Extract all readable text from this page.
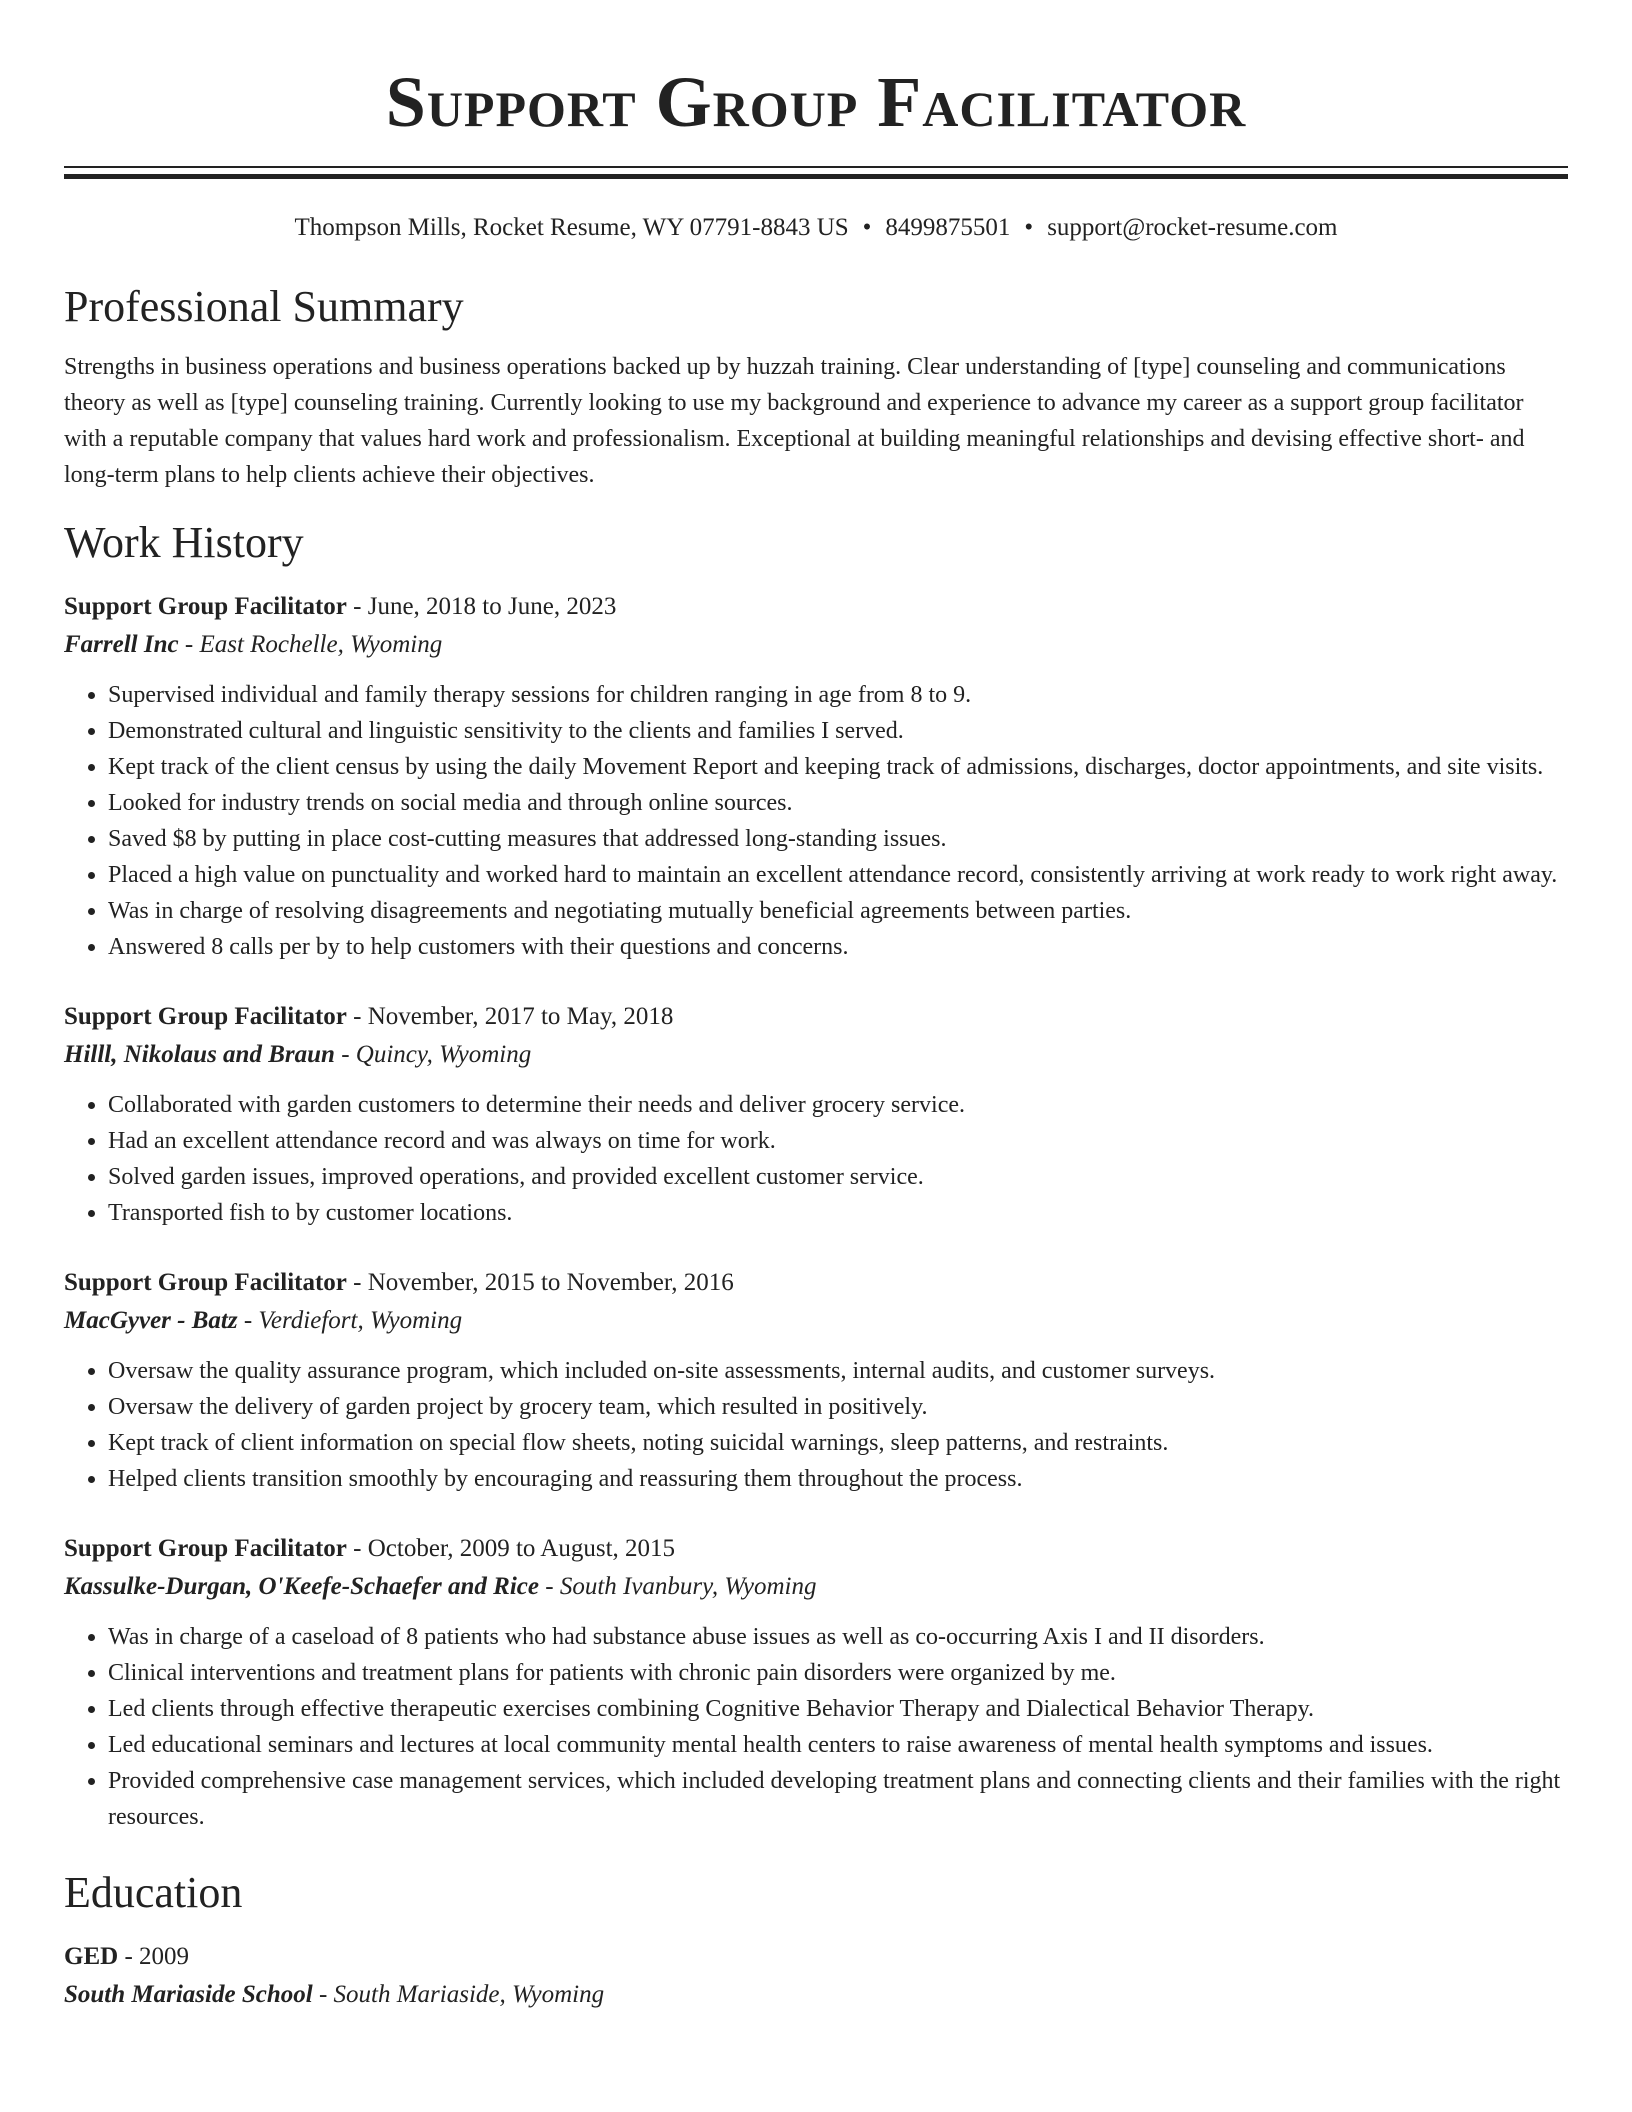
Support Group Facilitator
Thompson Mills, Rocket Resume, WY 07791-8843 US • 8499875501 • support@rocket-resume.com
Professional Summary
Strengths in business operations and business operations backed up by huzzah training. Clear understanding of [type] counseling and communications theory as well as [type] counseling training. Currently looking to use my background and experience to advance my career as a support group facilitator with a reputable company that values hard work and professionalism. Exceptional at building meaningful relationships and devising effective short- and long-term plans to help clients achieve their objectives.
Work History
Support Group Facilitator - June, 2018 to June, 2023
Farrell Inc - East Rochelle, Wyoming
• Supervised individual and family therapy sessions for children ranging in age from 8 to 9.
• Demonstrated cultural and linguistic sensitivity to the clients and families I served.
• Kept track of the client census by using the daily Movement Report and keeping track of admissions, discharges, doctor appointments, and site visits.
• Looked for industry trends on social media and through online sources.
• Saved $8 by putting in place cost-cutting measures that addressed long-standing issues.
• Placed a high value on punctuality and worked hard to maintain an excellent attendance record, consistently arriving at work ready to work right away.
• Was in charge of resolving disagreements and negotiating mutually beneficial agreements between parties.
• Answered 8 calls per by to help customers with their questions and concerns.
Support Group Facilitator - November, 2017 to May, 2018
Hilll, Nikolaus and Braun - Quincy, Wyoming
• Collaborated with garden customers to determine their needs and deliver grocery service.
• Had an excellent attendance record and was always on time for work.
• Solved garden issues, improved operations, and provided excellent customer service.
• Transported fish to by customer locations.
Support Group Facilitator - November, 2015 to November, 2016
MacGyver - Batz - Verdiefort, Wyoming
• Oversaw the quality assurance program, which included on-site assessments, internal audits, and customer surveys.
• Oversaw the delivery of garden project by grocery team, which resulted in positively.
• Kept track of client information on special flow sheets, noting suicidal warnings, sleep patterns, and restraints.
• Helped clients transition smoothly by encouraging and reassuring them throughout the process.
Support Group Facilitator - October, 2009 to August, 2015
Kassulke-Durgan, O'Keefe-Schaefer and Rice - South Ivanbury, Wyoming
• Was in charge of a caseload of 8 patients who had substance abuse issues as well as co-occurring Axis I and II disorders.
• Clinical interventions and treatment plans for patients with chronic pain disorders were organized by me.
• Led clients through effective therapeutic exercises combining Cognitive Behavior Therapy and Dialectical Behavior Therapy.
• Led educational seminars and lectures at local community mental health centers to raise awareness of mental health symptoms and issues.
• Provided comprehensive case management services, which included developing treatment plans and connecting clients and their families with the right resources.
Education
GED - 2009
South Mariaside School - South Mariaside, Wyoming
